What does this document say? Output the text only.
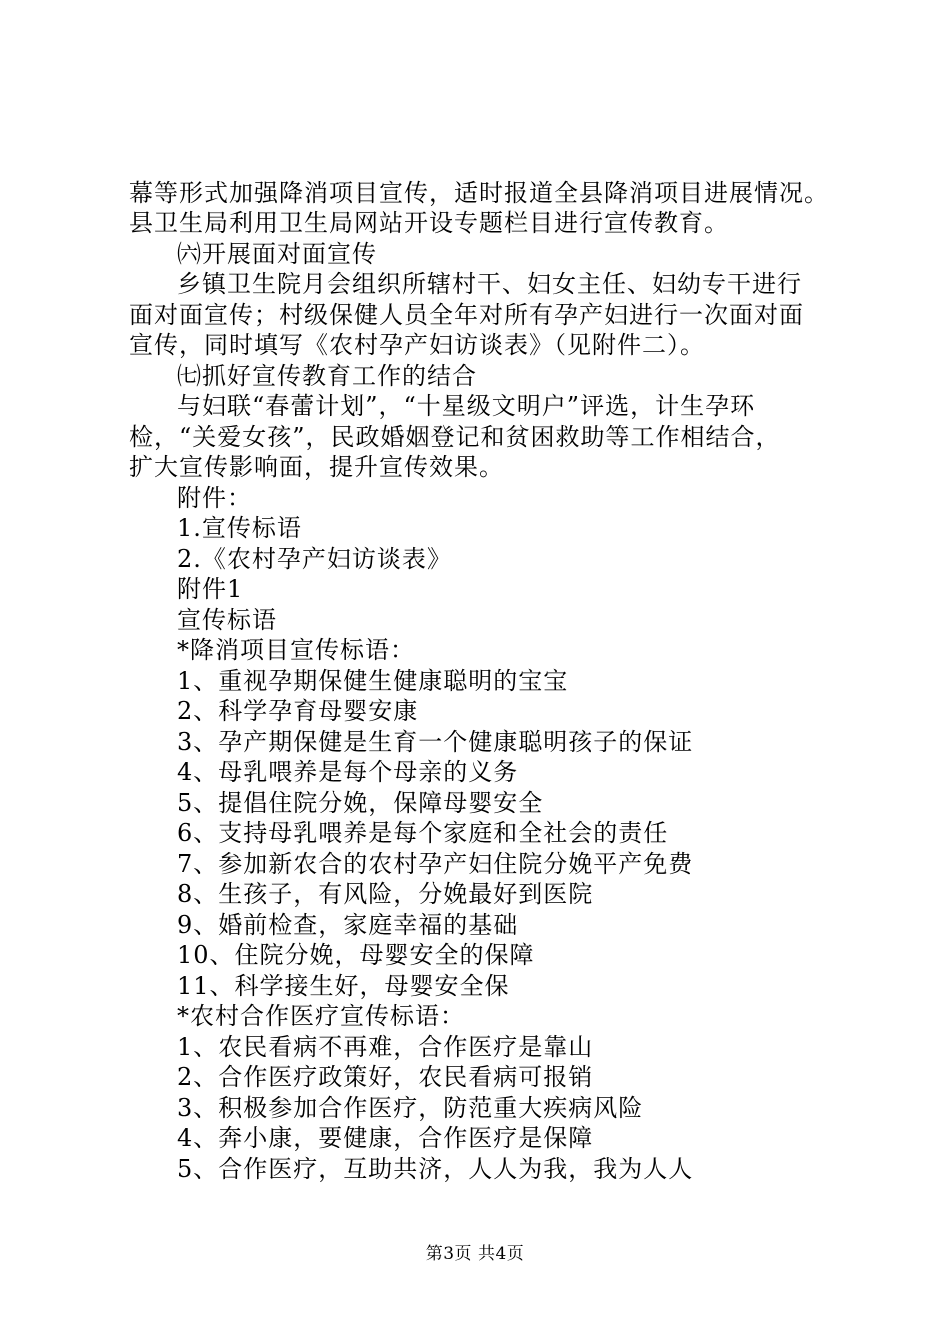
幕等形式加强降消项目宣传，适时报道全县降消项目进展情况。
县卫生局利用卫生局网站开设专题栏目进行宣传教育。
㈥开展面对面宣传
乡镇卫生院月会组织所辖村干、妇女主任、妇幼专干进行
面对面宣传；村级保健人员全年对所有孕产妇进行一次面对面
宣传，同时填写《农村孕产妇访谈表》（见附件二）。
㈦抓好宣传教育工作的结合
与妇联“春蕾计划”，“十星级文明户”评选，计生孕环
检，“关爱女孩”，民政婚姻登记和贫困救助等工作相结合，
扩大宣传影响面，提升宣传效果。
附件：
1.宣传标语
2.《农村孕产妇访谈表》
附件1
宣传标语
*降消项目宣传标语：
1、重视孕期保健生健康聪明的宝宝
2、科学孕育母婴安康
3、孕产期保健是生育一个健康聪明孩子的保证
4、母乳喂养是每个母亲的义务
5、提倡住院分娩，保障母婴安全
6、支持母乳喂养是每个家庭和全社会的责任
7、参加新农合的农村孕产妇住院分娩平产免费
8、生孩子，有风险，分娩最好到医院
9、婚前检查，家庭幸福的基础
10、住院分娩，母婴安全的保障
11、科学接生好，母婴安全保
*农村合作医疗宣传标语：
1、农民看病不再难，合作医疗是靠山
2、合作医疗政策好，农民看病可报销
3、积极参加合作医疗，防范重大疾病风险
4、奔小康，要健康，合作医疗是保障
5、合作医疗，互助共济，人人为我，我为人人
第3页 共4页
